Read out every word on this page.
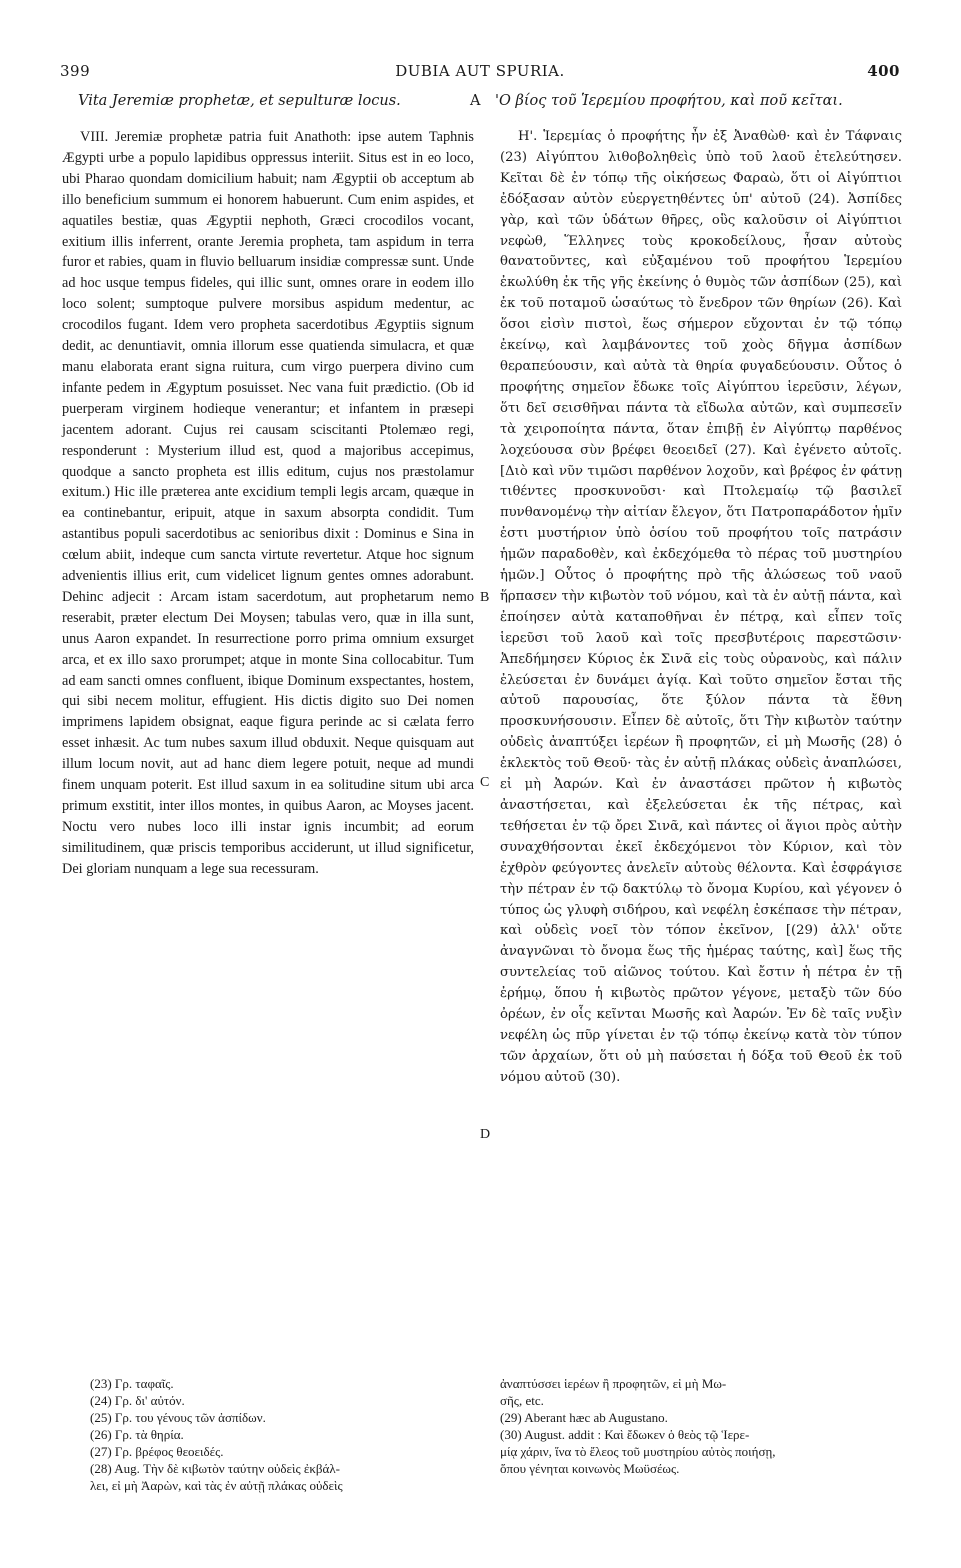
399	DUBIA AUT SPURIA.	400
Vita Jeremiæ prophetæ, et sepulturæ locus.	A 'Ο βίος τοῦ Ἱερεμίου προφήτου, καὶ ποῦ κεῖται.

VIII. Jeremiæ prophetæ patria fuit Anathoth: ipse autem Taphnis Ægypti urbe a populo lapidibus oppressus interiit. Situs est in eo loco, ubi Pharao quondam domicilium habuit; nam Ægyptii ob acceptum ab illo beneficium summum ei honorem habuerunt. Cum enim aspides, et aquatiles bestiæ, quas Ægyptii nephoth, Græci crocodilos vocant, exitium illis inferrent, orante Jeremia propheta, tam aspidum in terra furor et rabies, quam in fluvio belluarum insidiæ compressæ sunt. Unde ad hoc usque tempus fideles, qui illic sunt, omnes orare in eodem illo loco solent; sumptoque pulvere morsibus aspidum medentur, ac crocodilos fugant. Idem vero propheta sacerdotibus Ægyptiis signum dedit, ac denuntiavit, omnia illorum esse quatienda simulacra, et quæ manu elaborata erant signa ruitura, cum virgo puerpera divino cum infante pedem in Ægyptum posuisset. Nec vana fuit prædictio. (Ob id puerperam virginem hodieque venerantur; et infantem in præsepi jacentem adorant. Cujus rei causam sciscitanti Ptolemæo regi, responderunt : Mysterium illud est, quod a majoribus accepimus, quodque a sancto propheta est illis editum, cujus nos præstolamur exitum.) Hic ille præterea ante excidium templi legis arcam, quæque in ea continebantur, eripuit, atque in saxum absorpta condidit. Tum astantibus populi sacerdotibus ac senioribus dixit : Dominus e Sina in cœlum abiit, indeque cum sancta virtute revertetur. Atque hoc signum advenientis illius erit, cum videlicet lignum gentes omnes adorabunt. Dehinc adjecit : Arcam istam sacerdotum, aut prophetarum nemo reserabit, præter electum Dei Moysen; tabulas vero, quæ in illa sunt, unus Aaron expandet. In resurrectione porro prima omnium exsurget arca, et ex illo saxo prorumpet; atque in monte Sina collocabitur. Tum ad eam sancti omnes confluent, ibique Dominum exspectantes, hostem, qui sibi necem molitur, effugient. His dictis digito suo Dei nomen imprimens lapidem obsignat, eaque figura perinde ac si cælata ferro esset inhæsit. Ac tum nubes saxum illud obduxit. Neque quisquam aut illum locum novit, aut ad hanc diem legere potuit, neque ad mundi finem unquam poterit. Est illud saxum in ea solitudine situm ubi arca primum exstitit, inter illos montes, in quibus Aaron, ac Moyses jacent. Noctu vero nubes loco illi instar ignis incumbit; ad eorum similitudinem, quæ priscis temporibus acciderunt, ut illud significetur, Dei gloriam nunquam a lege sua recessuram.

B
C
D

Η'. Ἱερεμίας ὁ προφήτης ἦν ἐξ Ἀναθὼθ· καὶ ἐν Τάφναις (23) Αἰγύπτου λιθοβοληθεὶς ὑπὸ τοῦ λαοῦ ἐτελεύτησεν. Κεῖται δὲ ἐν τόπῳ τῆς οἰκήσεως Φαραὼ, ὅτι οἱ Αἰγύπτιοι ἐδόξασαν αὐτὸν εὐεργετηθέντες ὑπ' αὐτοῦ (24). Ἀσπίδες γὰρ, καὶ τῶν ὑδάτων θῆρες, οὓς καλοῦσιν οἱ Αἰγύπτιοι νεφὼθ, Ἕλληνες τοὺς κροκοδείλους, ἦσαν αὐτοὺς θανατοῦντες, καὶ εὐξαμένου τοῦ προφήτου Ἱερεμίου ἐκωλύθη ἐκ τῆς γῆς ἐκείνης ὁ θυμὸς τῶν ἀσπίδων (25), καὶ ἐκ τοῦ ποταμοῦ ὡσαύτως τὸ ἔνεδρον τῶν θηρίων (26). Καὶ ὅσοι εἰσὶν πιστοὶ, ἕως σήμερον εὔχονται ἐν τῷ τόπῳ ἐκείνῳ, καὶ λαμβάνοντες τοῦ χοὸς δῆγμα ἀσπίδων θεραπεύουσιν, καὶ αὐτὰ τὰ θηρία φυγαδεύουσιν. Οὗτος ὁ προφήτης σημεῖον ἔδωκε τοῖς Αἰγύπτου ἱερεῦσιν, λέγων, ὅτι δεῖ σεισθῆναι πάντα τὰ εἴδωλα αὐτῶν, καὶ συμπεσεῖν τὰ χειροποίητα πάντα, ὅταν ἐπιβῇ ἐν Αἰγύπτῳ παρθένος λοχεύουσα σὺν βρέφει θεοειδεῖ (27). Καὶ ἐγένετο αὐτοῖς. [Διὸ καὶ νῦν τιμῶσι παρθένον λοχοῦν, καὶ βρέφος ἐν φάτνῃ τιθέντες προσκυνοῦσι· καὶ Πτολεμαίῳ τῷ βασιλεῖ πυνθανομένῳ τὴν αἰτίαν ἔλεγον, ὅτι Πατροπαράδοτον ἡμῖν ἐστι μυστήριον ὑπὸ ὁσίου τοῦ προφήτου τοῖς πατράσιν ἡμῶν παραδοθὲν, καὶ ἐκδεχόμεθα τὸ πέρας τοῦ μυστηρίου ἡμῶν.] Οὗτος ὁ προφήτης πρὸ τῆς ἁλώσεως τοῦ ναοῦ ἥρπασεν τὴν κιβωτὸν τοῦ νόμου, καὶ τὰ ἐν αὐτῇ πάντα, καὶ ἐποίησεν αὐτὰ καταποθῆναι ἐν πέτρᾳ, καὶ εἶπεν τοῖς ἱερεῦσι τοῦ λαοῦ καὶ τοῖς πρεσβυτέροις παρεστῶσιν· Ἀπεδήμησεν Κύριος ἐκ Σινᾶ εἰς τοὺς οὐρανοὺς, καὶ πάλιν ἐλεύσεται ἐν δυνάμει ἁγίᾳ. Καὶ τοῦτο σημεῖον ἔσται τῆς αὐτοῦ παρουσίας, ὅτε ξύλον πάντα τὰ ἔθνη προσκυνήσουσιν. Εἶπεν δὲ αὐτοῖς, ὅτι Τὴν κιβωτὸν ταύτην οὐδεὶς ἀναπτύξει ἱερέων ἢ προφητῶν, εἰ μὴ Μωσῆς (28) ὁ ἐκλεκτὸς τοῦ Θεοῦ· τὰς ἐν αὐτῇ πλάκας οὐδεὶς ἀναπλώσει, εἰ μὴ Ἀαρών. Καὶ ἐν ἀναστάσει πρῶτον ἡ κιβωτὸς ἀναστήσεται, καὶ ἐξελεύσεται ἐκ τῆς πέτρας, καὶ τεθήσεται ἐν τῷ ὄρει Σινᾶ, καὶ πάντες οἱ ἅγιοι πρὸς αὐτὴν συναχθήσονται ἐκεῖ ἐκδεχόμενοι τὸν Κύριον, καὶ τὸν ἐχθρὸν φεύγοντες ἀνελεῖν αὐτοὺς θέλοντα. Καὶ ἐσφράγισε τὴν πέτραν ἐν τῷ δακτύλῳ τὸ ὄνομα Κυρίου, καὶ γέγονεν ὁ τύπος ὡς γλυφὴ σιδήρου, καὶ νεφέλη ἐσκέπασε τὴν πέτραν, καὶ οὐδεὶς νοεῖ τὸν τόπον ἐκεῖνον, [(29) ἀλλ' οὔτε ἀναγνῶναι τὸ ὄνομα ἕως τῆς ἡμέρας ταύτης, καὶ] ἕως τῆς συντελείας τοῦ αἰῶνος τούτου. Καὶ ἔστιν ἡ πέτρα ἐν τῇ ἐρήμῳ, ὅπου ἡ κιβωτὸς πρῶτον γέγονε, μεταξὺ τῶν δύο ὀρέων, ἐν οἷς κεῖνται Μωσῆς καὶ Ἀαρών. Ἐν δὲ ταῖς νυξὶν νεφέλη ὡς πῦρ γίνεται ἐν τῷ τόπῳ ἐκείνῳ κατὰ τὸν τύπον τῶν ἀρχαίων, ὅτι οὐ μὴ παύσεται ἡ δόξα τοῦ Θεοῦ ἐκ τοῦ νόμου αὐτοῦ (30).

(23) Γρ. ταφαῖς.
(24) Γρ. δι' αὐτόν.
(25) Γρ. του γένους τῶν ἀσπίδων.
(26) Γρ. τὰ θηρία.
(27) Γρ. βρέφος θεοειδές.
(28) Aug. Τὴν δὲ κιβωτὸν ταύτην οὐδεὶς ἐκβάλ-
λει, εἰ μὴ Ἀαρὼν, καὶ τὰς ἐν αὐτῇ πλάκας οὐδεὶς
ἀναπτύσσει ἱερέων ἢ προφητῶν, εἰ μὴ Μω-
σῆς, etc.
(29) Aberant hæc ab Augustano.
(30) August. addit : Καὶ ἔδωκεν ὁ θεὸς τῷ Ἱερε-
μίᾳ χάριν, ἵνα τὸ ἔλεος τοῦ μυστηρίου αὐτὸς ποιήσῃ,
ὅπου γένηται κοινωνὸς Μωϋσέως.
